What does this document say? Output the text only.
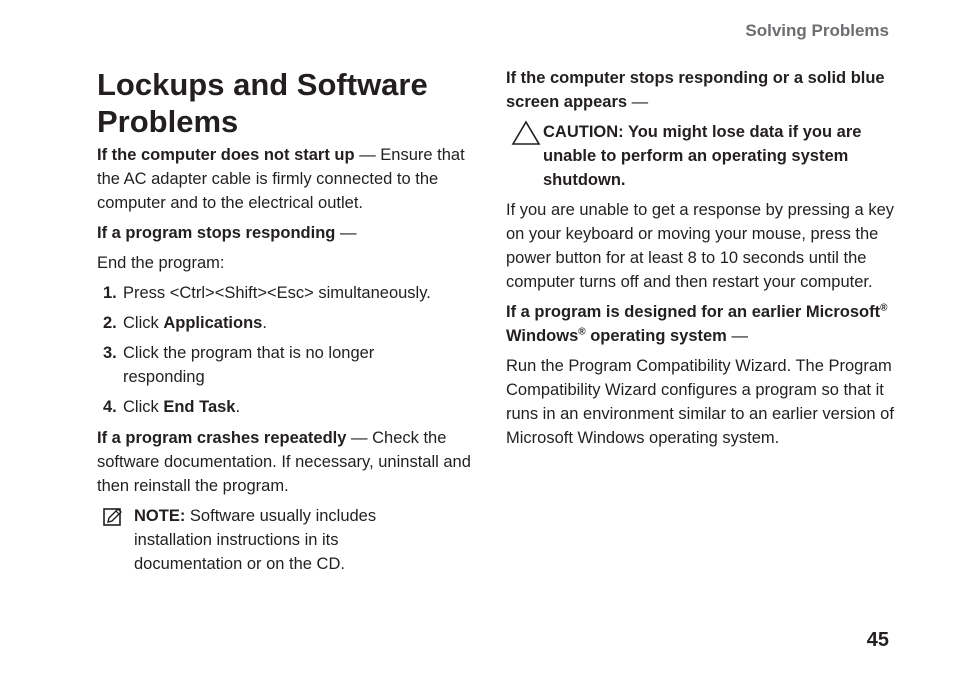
Solving Problems
Lockups and Software Problems

If the computer does not start up — Ensure that the AC adapter cable is firmly connected to the computer and to the electrical outlet.

If a program stops responding —

End the program:

1. Press <Ctrl><Shift><Esc> simultaneously.
2. Click Applications.
3. Click the program that is no longer responding
4. Click End Task.

If a program crashes repeatedly — Check the software documentation. If necessary, uninstall and then reinstall the program.

NOTE: Software usually includes installation instructions in its documentation or on the CD.

If the computer stops responding or a solid blue screen appears —

CAUTION: You might lose data if you are unable to perform an operating system shutdown.

If you are unable to get a response by pressing a key on your keyboard or moving your mouse, press the power button for at least 8 to 10 seconds until the computer turns off and then restart your computer.

If a program is designed for an earlier Microsoft® Windows® operating system —

Run the Program Compatibility Wizard. The Program Compatibility Wizard configures a program so that it runs in an environment similar to an earlier version of Microsoft Windows operating system.

45
